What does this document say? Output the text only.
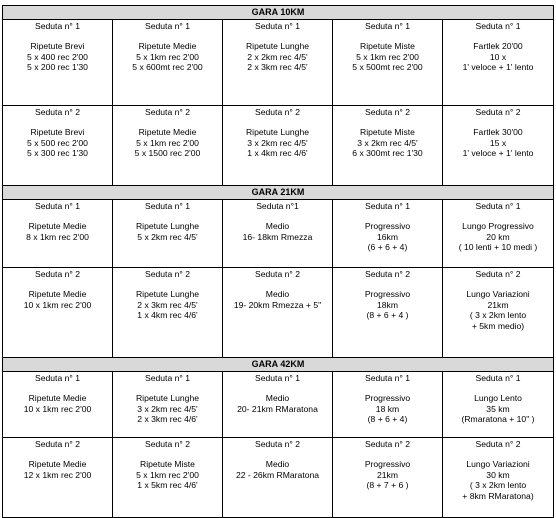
GARA 10KM				

Seduta n° 1
Ripetute Brevi
5 x 400 rec 2'00
5 x 200 rec 1'30	Seduta n° 1
Ripetute Medie
5 x 1km rec 2'00
5 x 600mt rec 2'00	Seduta n° 1
Ripetute Lunghe
2 x 2km rec 4/5'
2 x 3km rec 4/5'	Seduta n° 1
Ripetute Miste
5 x 1km rec 2'00
5 x 500mt rec 2'00	Seduta n° 1
Fartlek 20'00
10 x
1' veloce + 1' lento

Seduta n° 2
Ripetute Brevi
5 x 500 rec 2'00
5 x 300 rec 1'30	Seduta n° 2
Ripetute Medie
5 x 1km rec 2'00
5 x 1500 rec 2'00	Seduta n° 2
Ripetute Lunghe
3 x 2km rec 4/5'
1 x 4km rec 4/6'	Seduta n° 2
Ripetute Miste
3 x 2km rec 4/5'
6 x 300mt rec 1'30	Seduta n° 2
Fartlek 30'00
15 x
1' veloce + 1' lento

GARA 21KM				

Seduta n° 1
Ripetute Medie
8 x 1km rec 2'00	Seduta n° 1
Ripetute Lunghe
5 x 2km rec 4/5'	Seduta n°1
Medio
16- 18km Rmezza	Seduta n° 1
Progressivo
16km
(6 + 6 + 4)	Seduta n° 1
Lungo Progressivo
20 km
( 10 lenti + 10 medi )

Seduta n° 2
Ripetute Medie
10 x 1km rec 2'00	Seduta n° 2
Ripetute Lunghe
2 x 3km rec 4/5'
1 x 4km rec 4/6'	Seduta n° 2
Medio
19- 20km Rmezza + 5"	Seduta n° 2
Progressivo
18km
(8 + 6 + 4 )	Seduta n° 2
Lungo Variazioni
21km
( 3 x 2km lento
+ 5km medio)

GARA 42KM				

Seduta n° 1
Ripetute Medie
10 x 1km rec 2'00	Seduta n° 1
Ripetute Lunghe
3 x 2km rec 4/5'
2 x 3km rec 4/6'	Seduta n° 1
Medio
20- 21km RMaratona	Seduta n° 1
Progressivo
18 km
(8 + 6 + 4)	Seduta n° 1
Lungo Lento
35 km
(Rmaratona + 10" )

Seduta n° 2
Ripetute Medie
12 x 1km rec 2'00	Seduta n° 2
Ripetute Miste
5 x 1km rec 2'00
1 x 5km rec 4/6'	Seduta n° 2
Medio
22 - 26km RMaratona	Seduta n° 2
Progressivo
21km
(8 + 7 + 6 )	Seduta n° 2
Lungo Variazioni
30 km
( 3 x 2km lento
+ 8km RMaratona)
